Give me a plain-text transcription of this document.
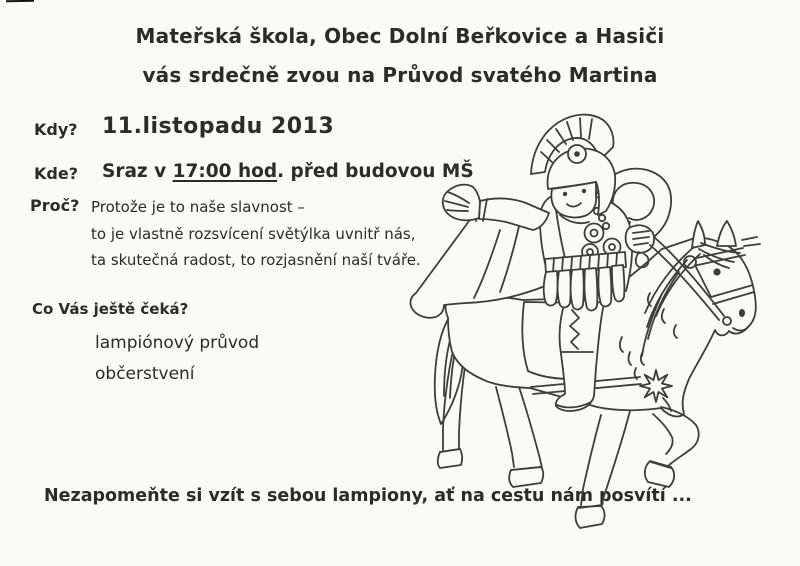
Mateřská škola, Obec Dolní Beřkovice a Hasiči
vás srdečně zvou na Průvod svatého Martina
Kdy? 11.listopadu 2013
Kde? Sraz v 17:00 hod. před budovou MŠ
Proč? Protože je to naše slavnost –
to je vlastně rozsvícení světýlka uvnitř nás,
ta skutečná radost, to rozjasnění naší tváře.
Co Vás ještě čeká?
lampiónový průvod
občerstvení
Nezapomeňte si vzít s sebou lampiony, ať na cestu nám posvítí ...
